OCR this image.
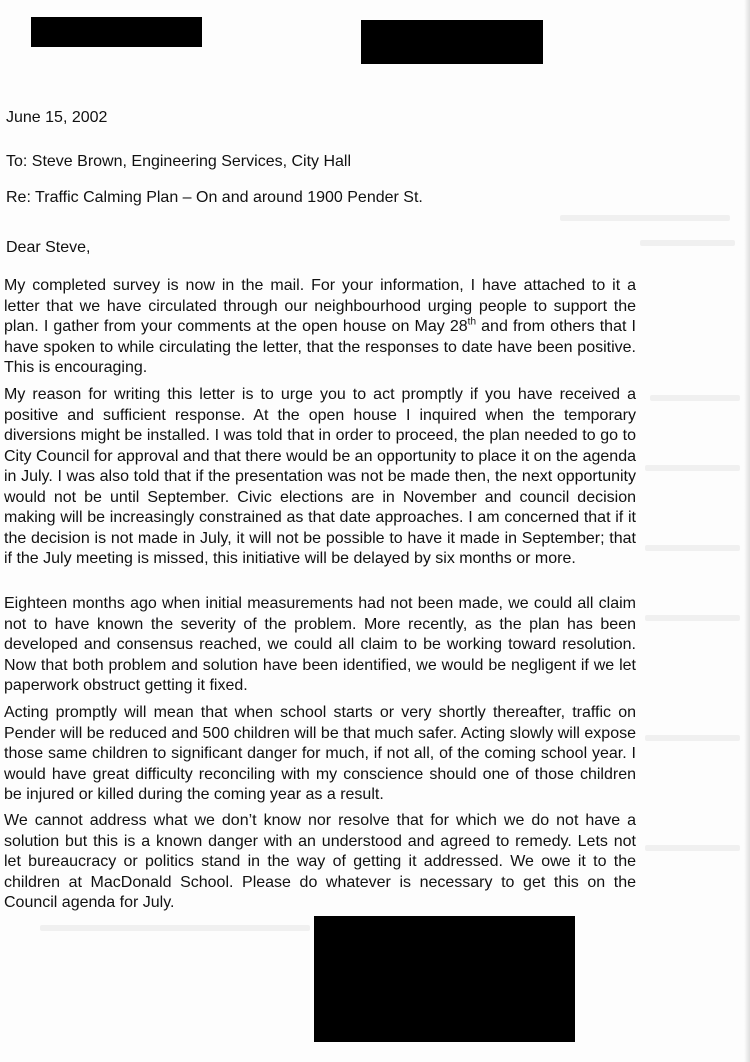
June 15, 2002
To: Steve Brown, Engineering Services, City Hall
Re: Traffic Calming Plan – On and around 1900 Pender St.
Dear Steve,

My completed survey is now in the mail. For your information, I have attached to it a letter that we have circulated through our neighbourhood urging people to support the plan. I gather from your comments at the open house on May 28th and from others that I have spoken to while circulating the letter, that the responses to date have been positive. This is encouraging.

My reason for writing this letter is to urge you to act promptly if you have received a positive and sufficient response. At the open house I inquired when the temporary diversions might be installed. I was told that in order to proceed, the plan needed to go to City Council for approval and that there would be an opportunity to place it on the agenda in July. I was also told that if the presentation was not be made then, the next opportunity would not be until September. Civic elections are in November and council decision making will be increasingly constrained as that date approaches. I am concerned that if it the decision is not made in July, it will not be possible to have it made in September; that if the July meeting is missed, this initiative will be delayed by six months or more.

Eighteen months ago when initial measurements had not been made, we could all claim not to have known the severity of the problem. More recently, as the plan has been developed and consensus reached, we could all claim to be working toward resolution. Now that both problem and solution have been identified, we would be negligent if we let paperwork obstruct getting it fixed.

Acting promptly will mean that when school starts or very shortly thereafter, traffic on Pender will be reduced and 500 children will be that much safer. Acting slowly will expose those same children to significant danger for much, if not all, of the coming school year. I would have great difficulty reconciling with my conscience should one of those children be injured or killed during the coming year as a result.

We cannot address what we don’t know nor resolve that for which we do not have a solution but this is a known danger with an understood and agreed to remedy. Lets not let bureaucracy or politics stand in the way of getting it addressed. We owe it to the children at MacDonald School. Please do whatever is necessary to get this on the Council agenda for July.
